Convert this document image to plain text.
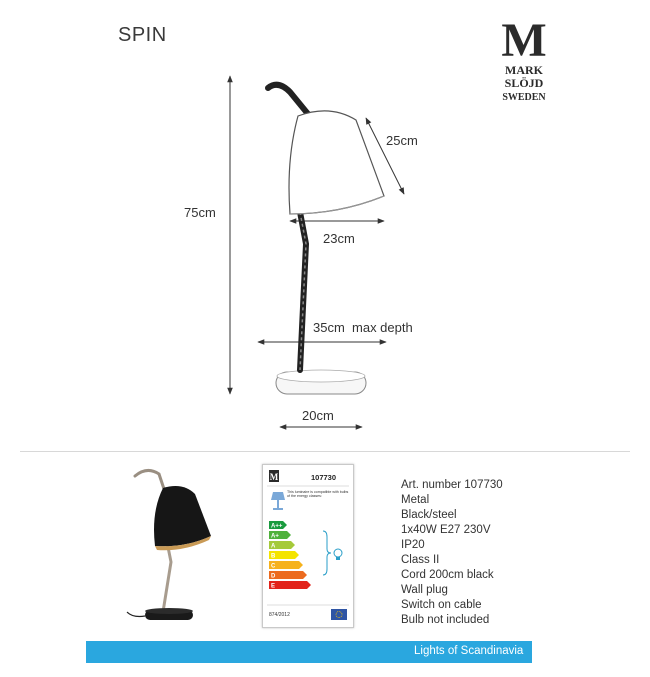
SPIN	M
MARK
SLÖJD
SWEDEN
75cm
25cm
23cm
35cm  max depth
20cm
M	107730
This luminaire is compatible with bulbs of the energy classes:
A++
A+
A
B
C
D
E
874/2012
Art. number 107730
Metal
Black/steel
1x40W E27 230V
IP20
Class II
Cord 200cm black
Wall plug
Switch on cable
Bulb not included
Lights of Scandinavia
